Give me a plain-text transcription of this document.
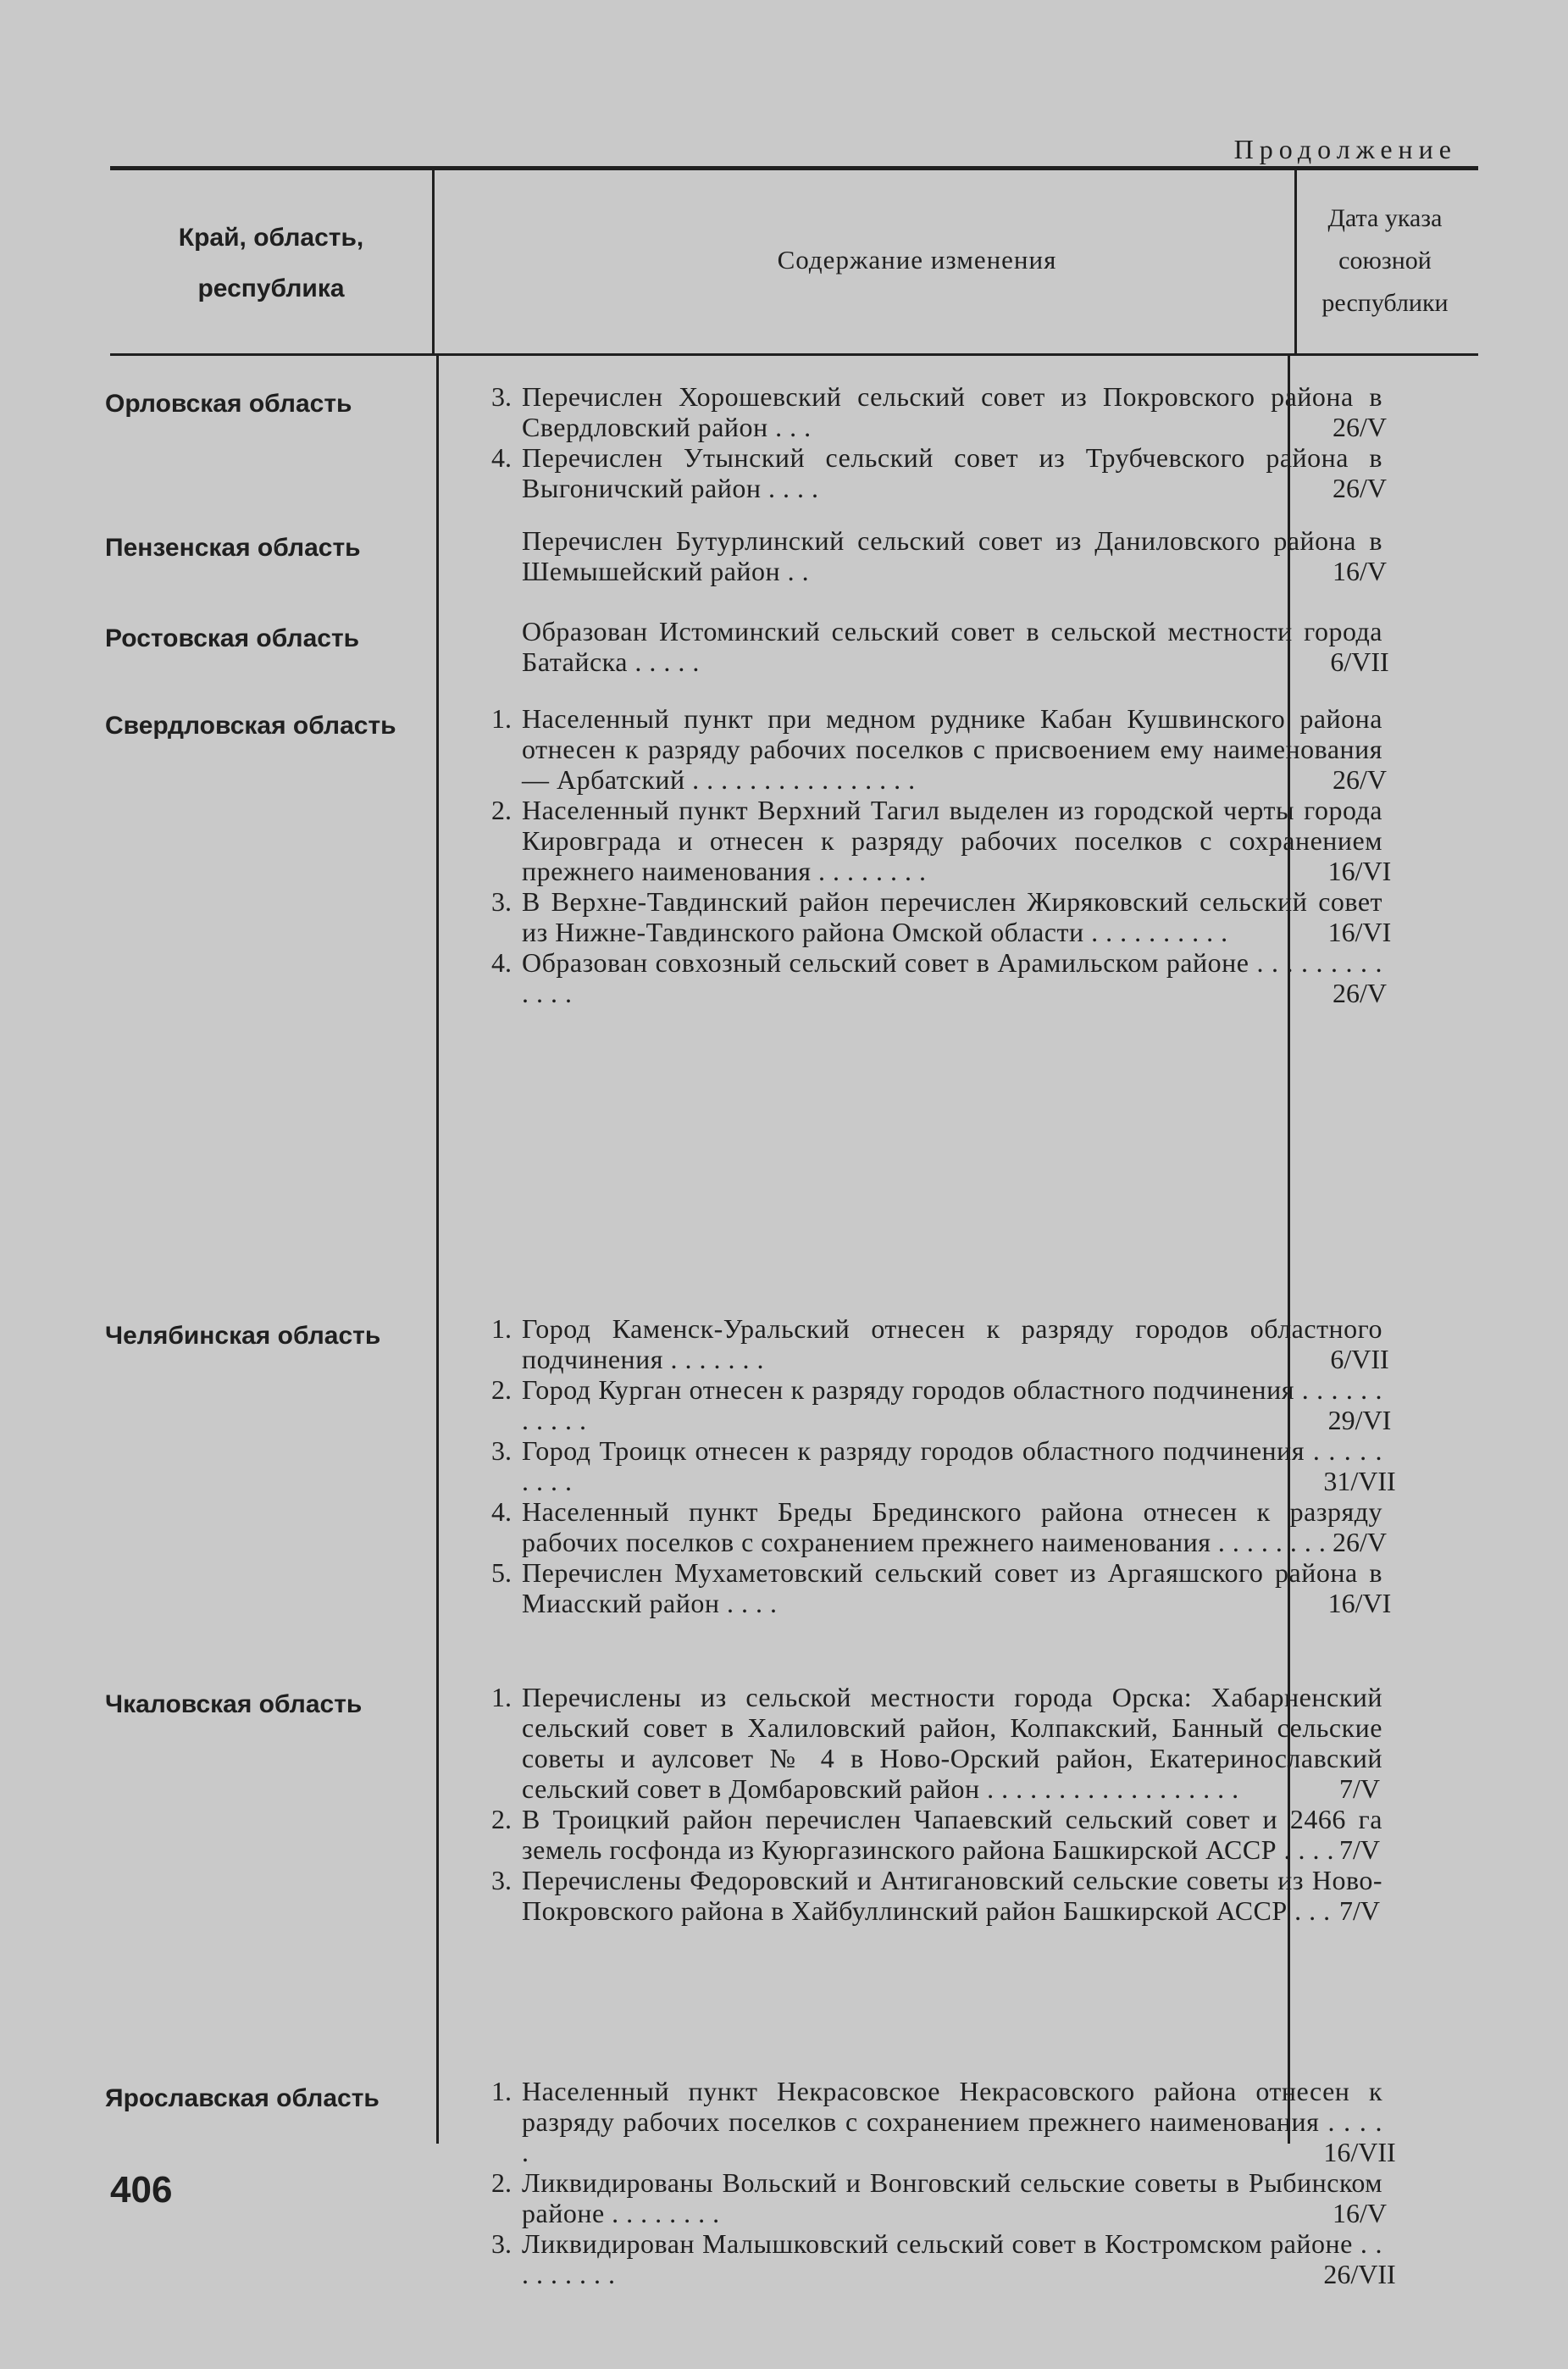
Продолжение
Край, область, республика
Содержание изменения
Дата указа союзной республики
Орловская область	3. Перечислен Хорошевский сельский совет из Покровского района в Свердловский район . . .	26/V
4. Перечислен Утынский сельский совет из Трубчевского района в Выгоничский район . . . .	26/V
Пензенская область	Перечислен Бутурлинский сельский совет из Даниловского района в Шемышейский район . .	16/V
Ростовская область	Образован Истоминский сельский совет в сельской местности города Батайска . . . . .	6/VII
Свердловская область	1. Населенный пункт при медном руднике Кабан Кушвинского района отнесен к разряду рабочих поселков с присвоением ему наименования — Арбатский . . . . . . . . . . . . . . . .	26/V
2. Населенный пункт Верхний Тагил выделен из городской черты города Кировграда и отнесен к разряду рабочих поселков с сохранением прежнего наименования . . . . . . . .	16/VI
3. В Верхне-Тавдинский район перечислен Жиряковский сельский совет из Нижне-Тавдинского района Омской области . . . . . . . . . .	16/VI
4. Образован совхозный сельский совет в Арамильском районе . . . . . . . . . . . . .	26/V
Челябинская область	1. Город Каменск-Уральский отнесен к разряду городов областного подчинения . . . . . . .	6/VII
2. Город Курган отнесен к разряду городов областного подчинения . . . . . . . . . . .	29/VI
3. Город Троицк отнесен к разряду городов областного подчинения . . . . . . . . .	31/VII
4. Населенный пункт Бреды Брединского района отнесен к разряду рабочих поселков с сохранением прежнего наименования . . . . . . . . 26/V
5. Перечислен Мухаметовский сельский совет из Аргаяшского района в Миасский район . . . .	16/VI
Чкаловская область	1. Перечислены из сельской местности города Орска: Хабарненский сельский совет в Халиловский район, Колпакский, Банный сельские советы и аулсовет № 4 в Ново-Орский район, Екатеринославский сельский совет в Домбаровский район . . . . . . . . . . . . . . . . . .	7/V
2. В Троицкий район перечислен Чапаевский сельский совет и 2466 га земель госфонда из Куюргазинского района Башкирской АССР . . . . 7/V
3. Перечислены Федоровский и Антигановский сельские советы из Ново-Покровского района в Хайбуллинский район Башкирской АССР . . . 7/V
Ярославская область	1. Населенный пункт Некрасовское Некрасовского района отнесен к разряду рабочих поселков с сохранением прежнего наименования . . . . .	16/VII
2. Ликвидированы Вольский и Вонговский сельские советы в Рыбинском районе . . . . . . . .	16/V
3. Ликвидирован Малышковский сельский совет в Костромском районе . . . . . . . . .	26/VII
406
